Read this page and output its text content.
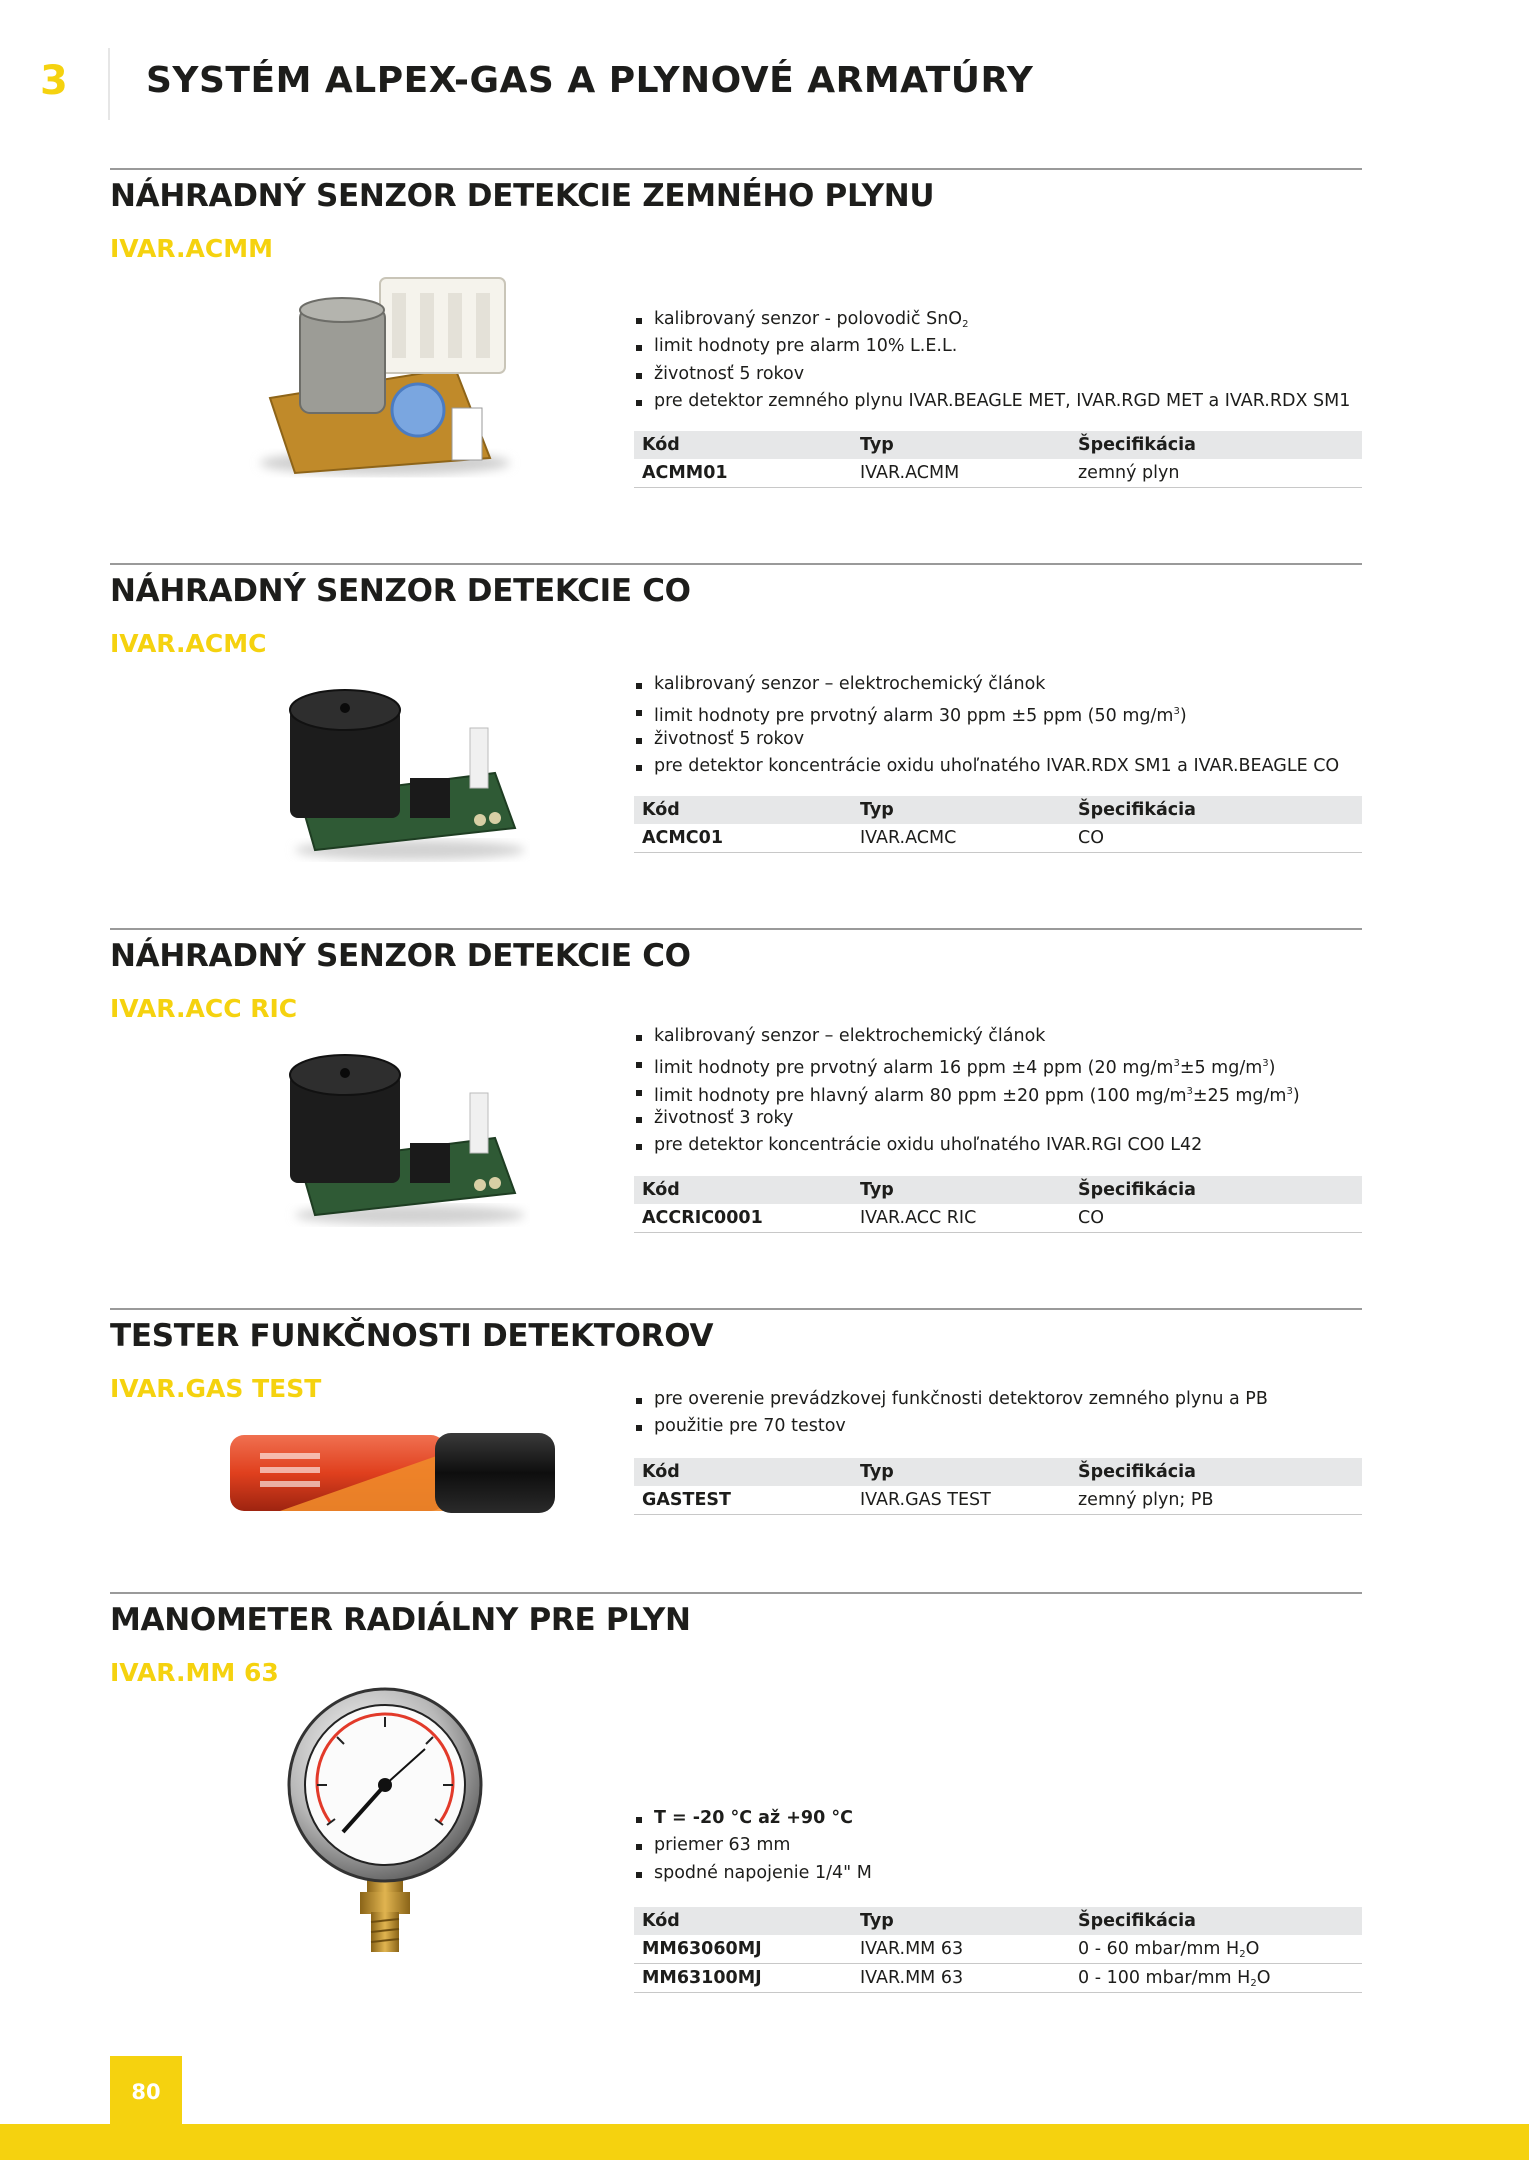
3 SYSTÉM ALPEX-GAS A PLYNOVÉ ARMATÚRY
NÁHRADNÝ SENZOR DETEKCIE ZEMNÉHO PLYNU
IVAR.ACMM
kalibrovaný senzor - polovodič SnO$_2$
limit hodnoty pre alarm 10% L.E.L.
životnosť 5 rokov
pre detektor zemného plynu IVAR.BEAGLE MET, IVAR.RGD MET a IVAR.RDX SM1
Kód	Typ	Špecifikácia
ACMM01	IVAR.ACMM	zemný plyn
NÁHRADNÝ SENZOR DETEKCIE CO
IVAR.ACMC
kalibrovaný senzor – elektrochemický článok
limit hodnoty pre prvotný alarm 30 ppm ±5 ppm (50 $mg/m^3$)
životnosť 5 rokov
pre detektor koncentrácie oxidu uhoľnatého IVAR.RDX SM1 a IVAR.BEAGLE CO
Kód	Typ	Špecifikácia
ACMC01	IVAR.ACMC	CO
NÁHRADNÝ SENZOR DETEKCIE CO
IVAR.ACC RIC
kalibrovaný senzor – elektrochemický článok
limit hodnoty pre prvotný alarm 16 ppm ±4 ppm (20 $mg/m^3\pm 5$ $mg/m^3$)
limit hodnoty pre hlavný alarm 80 ppm ±20 ppm (100 $mg/m^3\pm 25$ $mg/m^3$)
životnosť 3 roky
pre detektor koncentrácie oxidu uhoľnatého IVAR.RGI CO0 L42
Kód	Typ	Špecifikácia
ACCRIC0001	IVAR.ACC RIC	CO
TESTER FUNKČNOSTI DETEKTOROV
IVAR.GAS TEST	pre overenie prevádzkovej funkčnosti detektorov zemného plynu a PB
použitie pre 70 testov
Kód	Typ	Špecifikácia
GASTEST	IVAR.GAS TEST	zemný plyn; PB
MANOMETER RADIÁLNY PRE PLYN
IVAR.MM 63
T = -20 °C až +90 °C
priemer 63 mm
spodné napojenie 1/4" M
Kód	Typ	Špecifikácia
MM63060MJ	IVAR.MM 63	0 - 60 mbar/mm $H_2O$
MM63100MJ	IVAR.MM 63	0 - 100 mbar/mm $H_2O$
80
